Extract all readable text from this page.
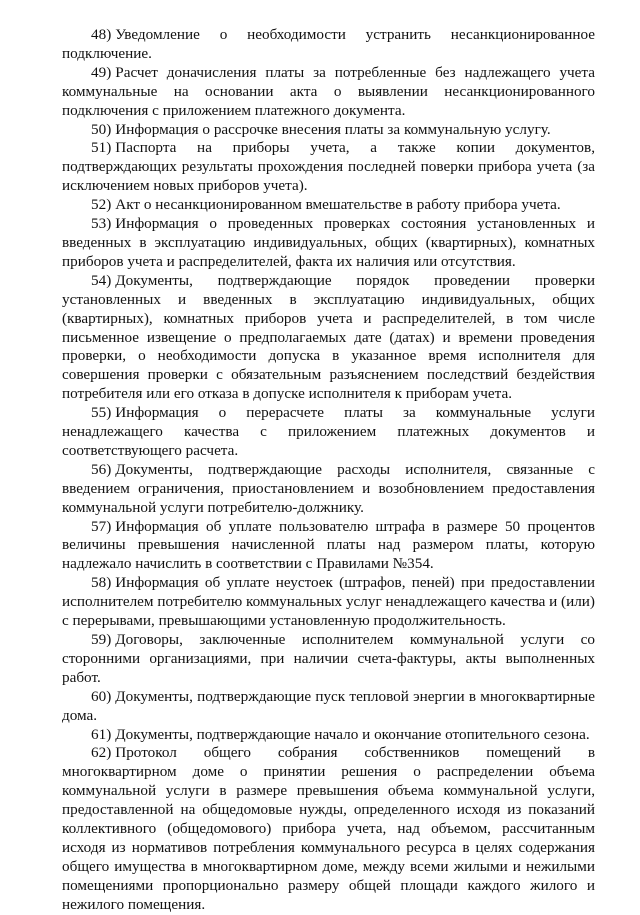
48) Уведомление о необходимости устранить несанкционированное подключение.

49) Расчет доначисления платы за потребленные без надлежащего учета коммунальные на основании акта о выявлении несанкционированного подключения с приложением платежного документа.

50) Информация о рассрочке внесения платы за коммунальную услугу.

51) Паспорта на приборы учета, а также копии документов, подтверждающих результаты прохождения последней поверки прибора учета (за исключением новых приборов учета).

52) Акт о несанкционированном вмешательстве в работу прибора учета.

53) Информация о проведенных проверках состояния установленных и введенных в эксплуатацию индивидуальных, общих (квартирных), комнатных приборов учета и распределителей, факта их наличия или отсутствия.

54) Документы, подтверждающие порядок проведении проверки установленных и введенных в эксплуатацию индивидуальных, общих (квартирных), комнатных приборов учета и распределителей, в том числе письменное извещение о предполагаемых дате (датах) и времени проведения проверки, о необходимости допуска в указанное время исполнителя для совершения проверки с обязательным разъяснением последствий бездействия потребителя или его отказа в допуске исполнителя к приборам учета.

55) Информация о перерасчете платы за коммунальные услуги ненадлежащего качества с приложением платежных документов и соответствующего расчета.

56) Документы, подтверждающие расходы исполнителя, связанные с введением ограничения, приостановлением и возобновлением предоставления коммунальной услуги потребителю-должнику.

57) Информация об уплате пользователю штрафа в размере 50 процентов величины превышения начисленной платы над размером платы, которую надлежало начислить в соответствии с Правилами №354.

58) Информация об уплате неустоек (штрафов, пеней) при предоставлении исполнителем потребителю коммунальных услуг ненадлежащего качества и (или) с перерывами, превышающими установленную продолжительность.

59) Договоры, заключенные исполнителем коммунальной услуги со сторонними организациями, при наличии счета-фактуры, акты выполненных работ.

60) Документы, подтверждающие пуск тепловой энергии в многоквартирные дома.

61) Документы, подтверждающие начало и окончание отопительного сезона.

62) Протокол общего собрания собственников помещений в многоквартирном доме о принятии решения о распределении объема коммунальной услуги в размере превышения объема коммунальной услуги, предоставленной на общедомовые нужды, определенного исходя из показаний коллективного (общедомового) прибора учета, над объемом, рассчитанным исходя из нормативов потребления коммунального ресурса в целях содержания общего имущества в многоквартирном доме, между всеми жилыми и нежилыми помещениями пропорционально размеру общей площади каждого жилого и нежилого помещения.
